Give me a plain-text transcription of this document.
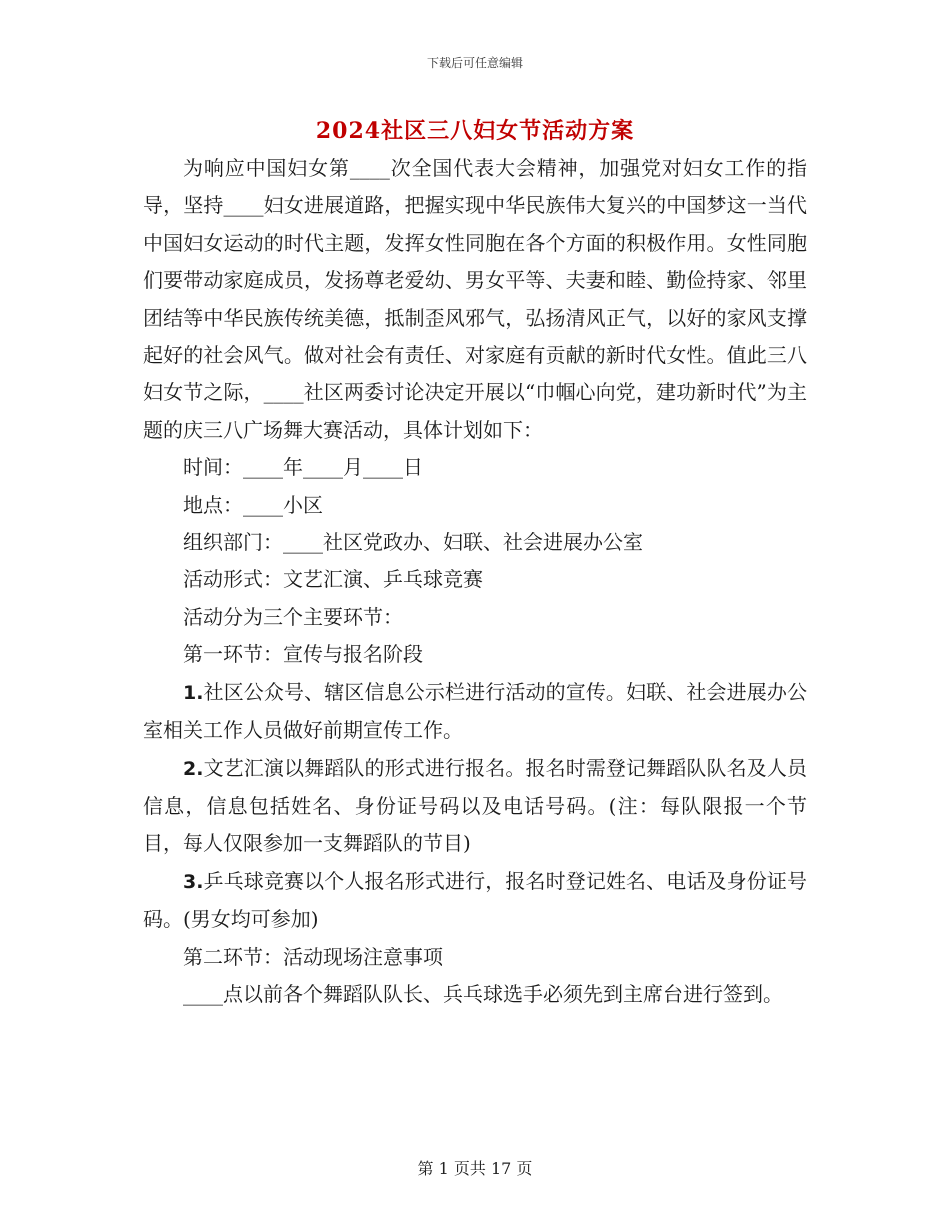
下载后可任意编辑
2024社区三八妇女节活动方案

为响应中国妇女第____次全国代表大会精神，加强党对妇女工作的指导，坚持____妇女进展道路，把握实现中华民族伟大复兴的中国梦这一当代中国妇女运动的时代主题，发挥女性同胞在各个方面的积极作用。女性同胞们要带动家庭成员，发扬尊老爱幼、男女平等、夫妻和睦、勤俭持家、邻里团结等中华民族传统美德，抵制歪风邪气，弘扬清风正气，以好的家风支撑起好的社会风气。做对社会有责任、对家庭有贡献的新时代女性。值此三八妇女节之际，____社区两委讨论决定开展以“巾帼心向党，建功新时代”为主题的庆三八广场舞大赛活动，具体计划如下：

时间：____年____月____日

地点：____小区

组织部门：____社区党政办、妇联、社会进展办公室

活动形式：文艺汇演、乒乓球竞赛

活动分为三个主要环节：

第一环节：宣传与报名阶段

1.社区公众号、辖区信息公示栏进行活动的宣传。妇联、社会进展办公室相关工作人员做好前期宣传工作。

2.文艺汇演以舞蹈队的形式进行报名。报名时需登记舞蹈队队名及人员信息，信息包括姓名、身份证号码以及电话号码。(注：每队限报一个节目，每人仅限参加一支舞蹈队的节目)

3.乒乓球竞赛以个人报名形式进行，报名时登记姓名、电话及身份证号码。(男女均可参加)

第二环节：活动现场注意事项

____点以前各个舞蹈队队长、兵乓球选手必须先到主席台进行签到。

第 1 页共 17 页
